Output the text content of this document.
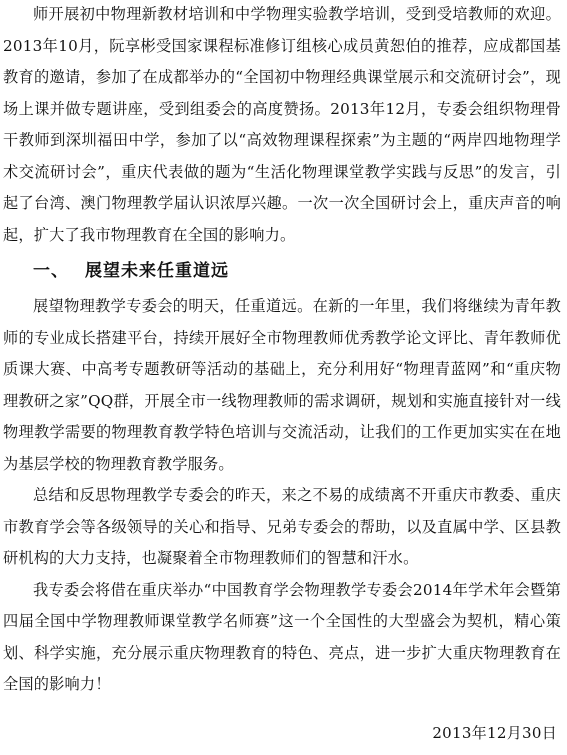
师开展初中物理新教材培训和中学物理实验教学培训，受到受培教师的欢迎。2013年10月，阮享彬受国家课程标准修订组核心成员黄恕伯的推荐，应成都国基教育的邀请，参加了在成都举办的“全国初中物理经典课堂展示和交流研讨会”，现场上课并做专题讲座，受到组委会的高度赞扬。2013年12月，专委会组织物理骨干教师到深圳福田中学，参加了以“高效物理课程探索”为主题的“两岸四地物理学术交流研讨会”，重庆代表做的题为“生活化物理课堂教学实践与反思”的发言，引起了台湾、澳门物理教学届认识浓厚兴趣。一次一次全国研讨会上，重庆声音的响起，扩大了我市物理教育在全国的影响力。

一、 展望未来任重道远

展望物理教学专委会的明天，任重道远。在新的一年里，我们将继续为青年教师的专业成长搭建平台，持续开展好全市物理教师优秀教学论文评比、青年教师优质课大赛、中高考专题教研等活动的基础上，充分利用好“物理青蓝网”和“重庆物理教研之家”QQ群，开展全市一线物理教师的需求调研，规划和实施直接针对一线物理教学需要的物理教育教学特色培训与交流活动，让我们的工作更加实实在在地为基层学校的物理教育教学服务。

总结和反思物理教学专委会的昨天，来之不易的成绩离不开重庆市教委、重庆市教育学会等各级领导的关心和指导、兄弟专委会的帮助，以及直属中学、区县教研机构的大力支持，也凝聚着全市物理教师们的智慧和汗水。

我专委会将借在重庆举办“中国教育学会物理教学专委会2014年学术年会暨第四届全国中学物理教师课堂教学名师赛”这一个全国性的大型盛会为契机，精心策划、科学实施，充分展示重庆物理教育的特色、亮点，进一步扩大重庆物理教育在全国的影响力！

2013年12月30日
